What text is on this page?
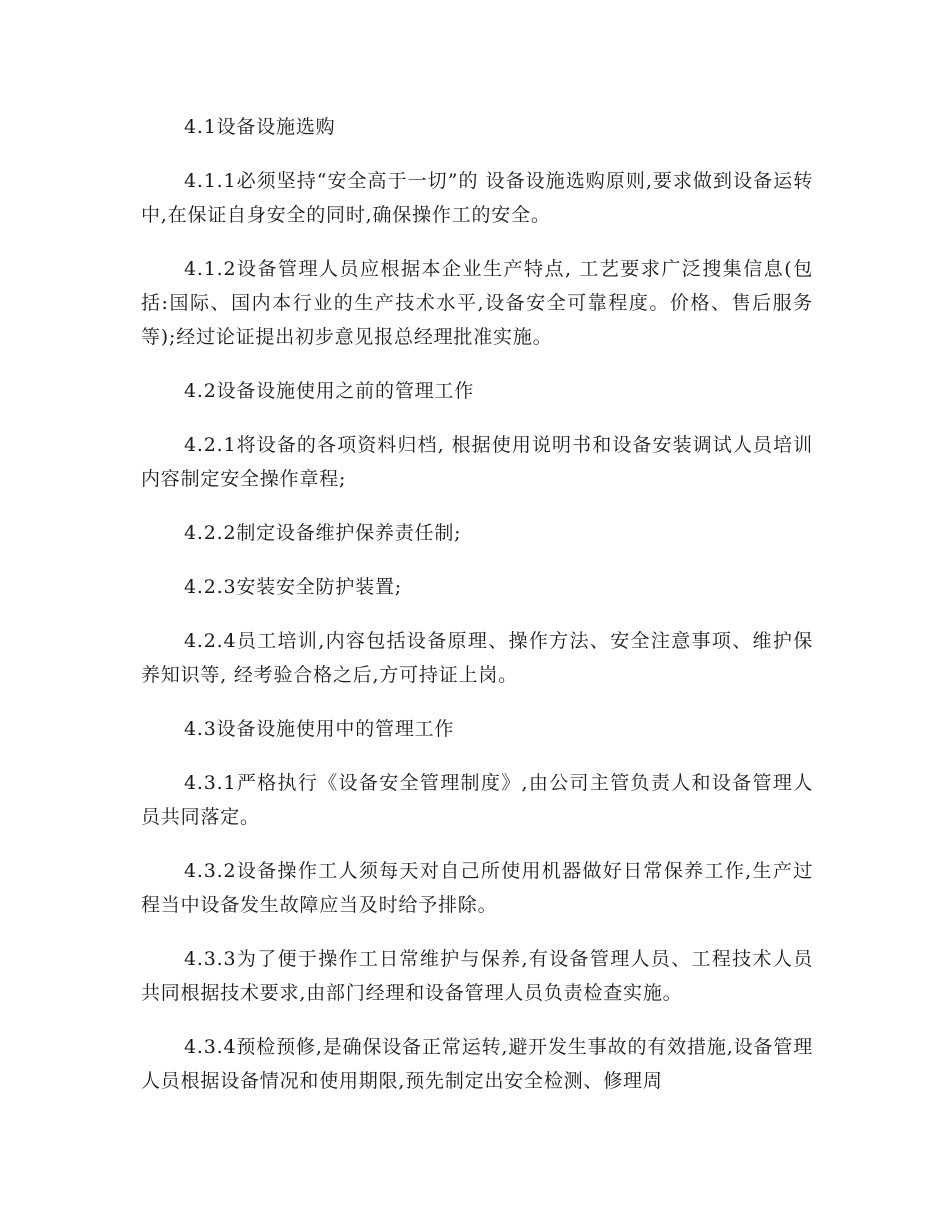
4.1设备设施选购

4.1.1必须坚持“安全高于一切”的 设备设施选购原则,要求做到设备运转中,在保证自身安全的同时,确保操作工的安全。

4.1.2设备管理人员应根据本企业生产特点, 工艺要求广泛搜集信息(包括:国际、国内本行业的生产技术水平,设备安全可靠程度。价格、售后服务等);经过论证提出初步意见报总经理批准实施。

4.2设备设施使用之前的管理工作

4.2.1将设备的各项资料归档, 根据使用说明书和设备安装调试人员培训内容制定安全操作章程;

4.2.2制定设备维护保养责任制;

4.2.3安装安全防护装置;

4.2.4员工培训,内容包括设备原理、操作方法、安全注意事项、维护保养知识等, 经考验合格之后,方可持证上岗。

4.3设备设施使用中的管理工作

4.3.1严格执行《设备安全管理制度》,由公司主管负责人和设备管理人员共同落定。

4.3.2设备操作工人须每天对自己所使用机器做好日常保养工作,生产过程当中设备发生故障应当及时给予排除。

4.3.3为了便于操作工日常维护与保养,有设备管理人员、工程技术人员共同根据技术要求,由部门经理和设备管理人员负责检查实施。

4.3.4预检预修,是确保设备正常运转,避开发生事故的有效措施,设备管理人员根据设备情况和使用期限,预先制定出安全检测、修理周
